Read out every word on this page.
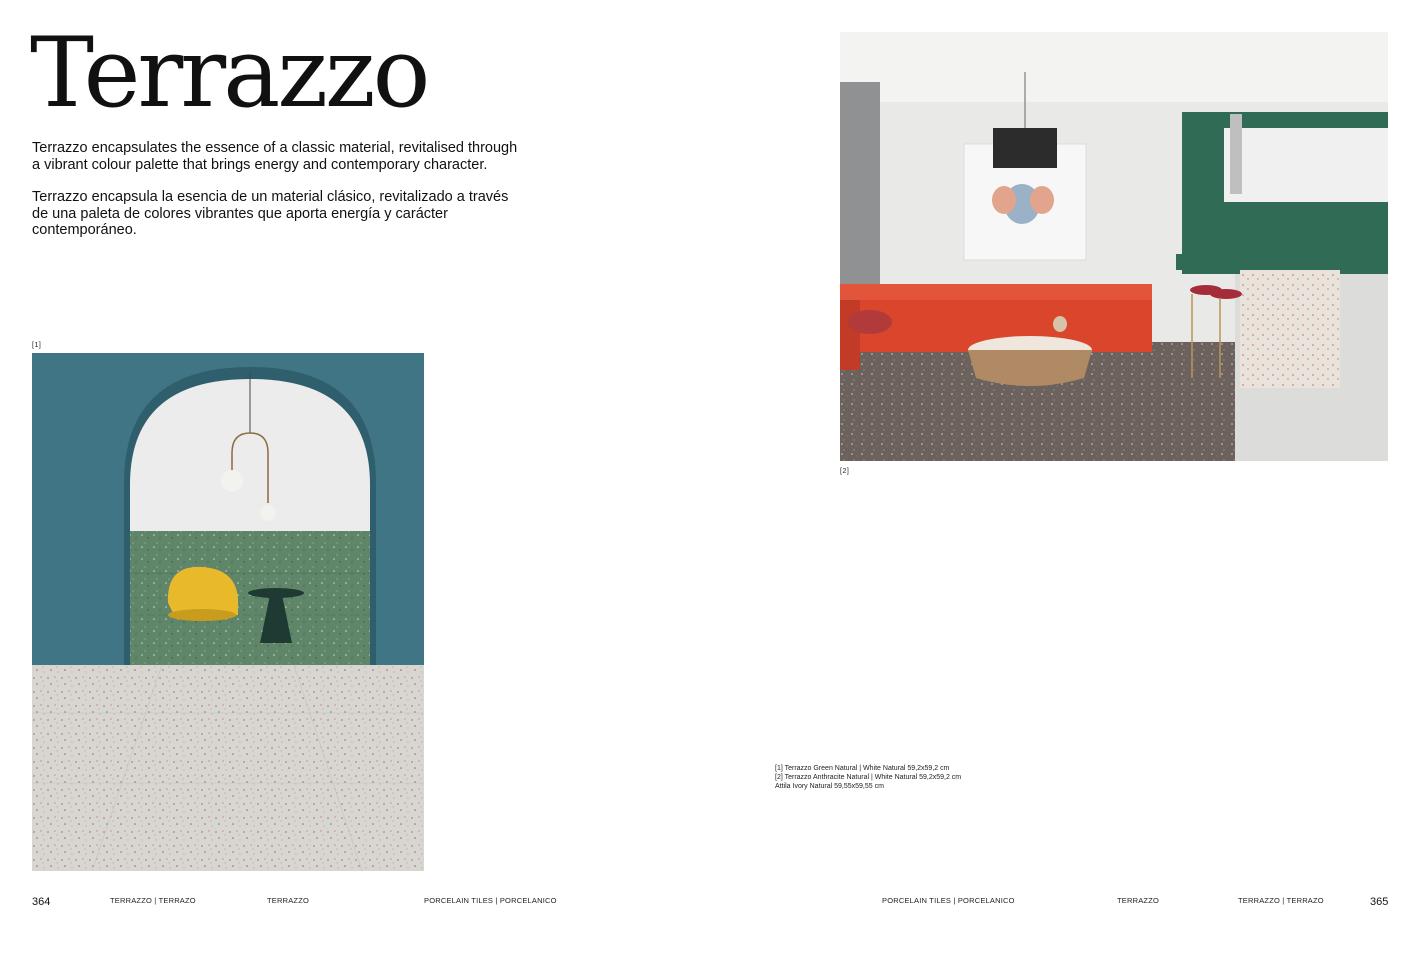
Terrazzo

Terrazzo encapsulates the essence of a classic material, revitalised through a vibrant colour palette that brings energy and contemporary character.

Terrazzo encapsula la esencia de un material clásico, revitalizado a través de una paleta de colores vibrantes que aporta energía y carácter contemporáneo.

[1]
[2]
[1] Terrazzo Green Natural | White Natural 59,2x59,2 cm
[2] Terrazzo Anthracite Natural | White Natural 59,2x59,2 cm
Attila Ivory Natural 59,55x59,55 cm
364	TERRAZZO | TERRAZO	TERRAZZO	PORCELAIN TILES | PORCELANICO	PORCELAIN TILES | PORCELANICO	TERRAZZO	TERRAZZO | TERRAZO	365
